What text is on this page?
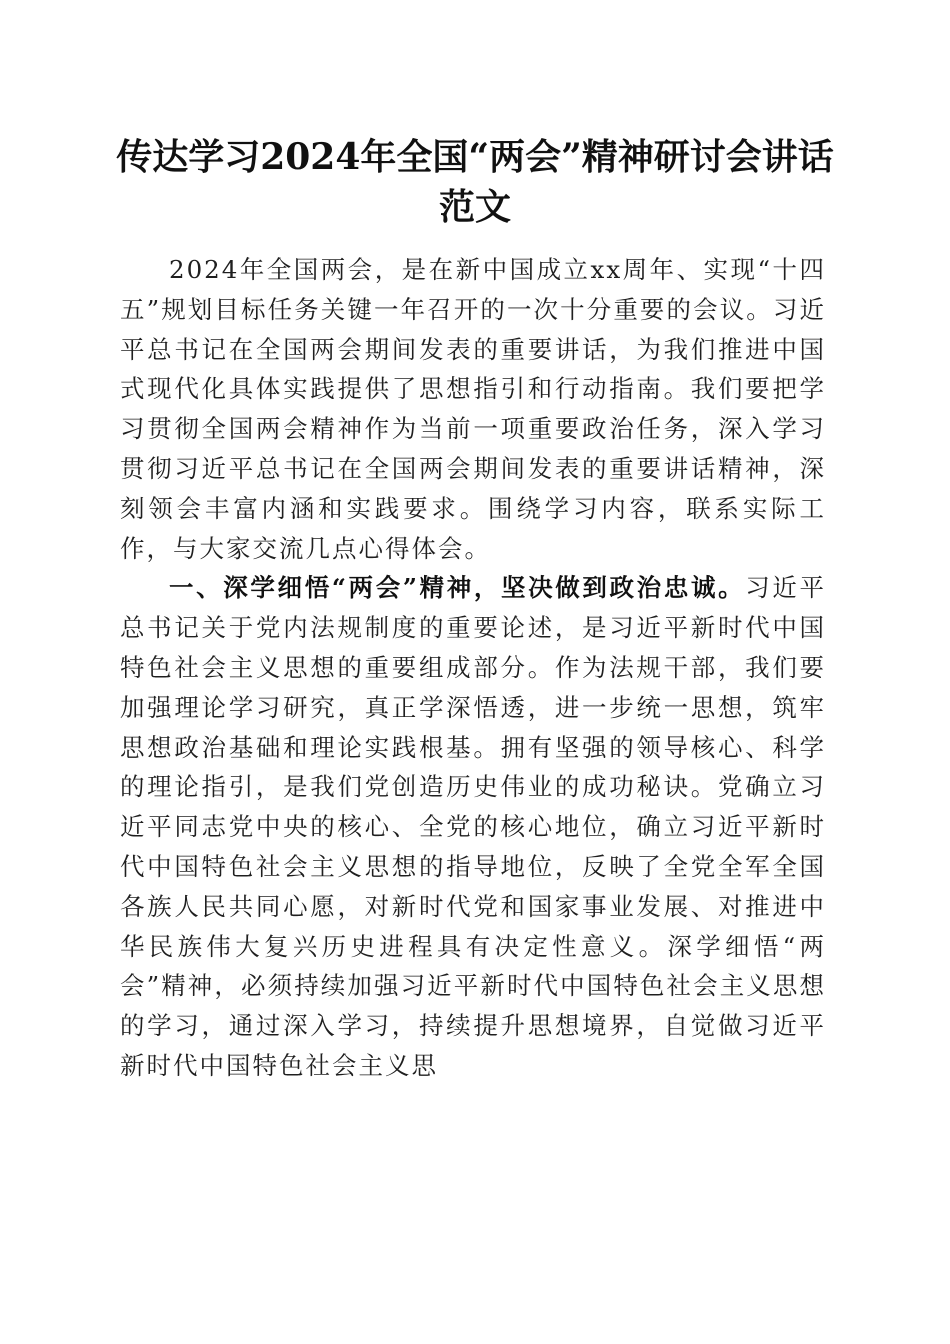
传达学习2024年全国“两会”精神研讨会讲话范文

2024年全国两会，是在新中国成立xx周年、实现“十四五”规划目标任务关键一年召开的一次十分重要的会议。习近平总书记在全国两会期间发表的重要讲话，为我们推进中国式现代化具体实践提供了思想指引和行动指南。我们要把学习贯彻全国两会精神作为当前一项重要政治任务，深入学习贯彻习近平总书记在全国两会期间发表的重要讲话精神，深刻领会丰富内涵和实践要求。围绕学习内容，联系实际工作，与大家交流几点心得体会。

一、深学细悟“两会”精神，坚决做到政治忠诚。习近平总书记关于党内法规制度的重要论述，是习近平新时代中国特色社会主义思想的重要组成部分。作为法规干部，我们要加强理论学习研究，真正学深悟透，进一步统一思想，筑牢思想政治基础和理论实践根基。拥有坚强的领导核心、科学的理论指引，是我们党创造历史伟业的成功秘诀。党确立习近平同志党中央的核心、全党的核心地位，确立习近平新时代中国特色社会主义思想的指导地位，反映了全党全军全国各族人民共同心愿，对新时代党和国家事业发展、对推进中华民族伟大复兴历史进程具有决定性意义。深学细悟“两会”精神，必须持续加强习近平新时代中国特色社会主义思想的学习，通过深入学习，持续提升思想境界，自觉做习近平新时代中国特色社会主义思
